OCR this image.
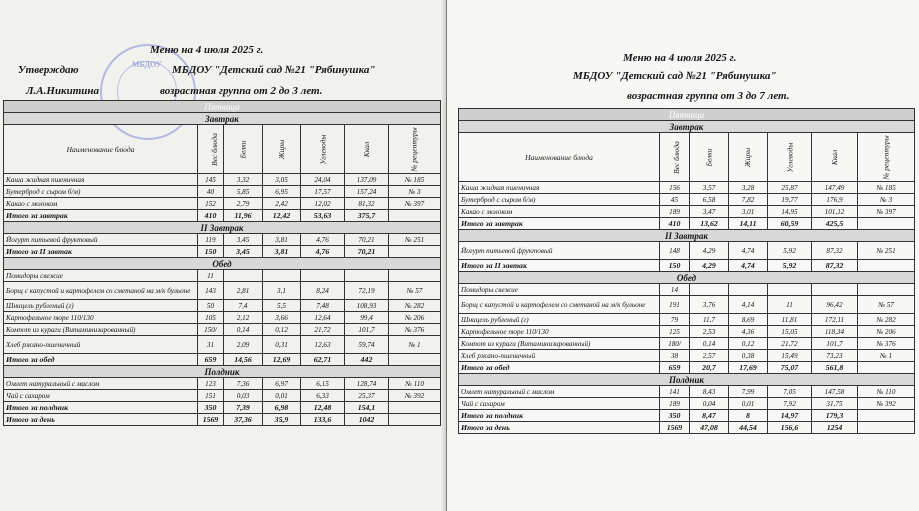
МБДОУ
Меню на 4 июля 2025 г.
Утверждаю	МБДОУ "Детский сад №21 "Рябинушка"
Л.А.Никитина	возрастная группа от 2 до 3 лет.
Пятница						
Завтрак						
Наименование блюда	Вес блюда	Белки	Жиры	Углеводы	Ккал	№ рецептуры
Каша жидкая пшеничная	145	3,32	3,05	24,04	137,09	№ 185
Бутерброд с сыром б/м)	40	5,85	6,95	17,57	157,24	№ 3
Какао с молоком	152	2,79	2,42	12,02	81,32	№ 397
Итого за завтрак	410	11,96	12,42	53,63	375,7	
II Завтрак						
Йогурт питьевой фруктовый	119	3,45	3,81	4,76	70,21	№ 251
Итого за II завтак	150	3,45	3,81	4,76	70,21	
Обед						
Помидоры свежие	11					
Борщ с капустой и картофелем со сметаной на м/к бульоне	143	2,81	3,1	8,24	72,19	№ 57
Шницель рубленый (г)	50	7,4	5,5	7,48	108,93	№ 282
Картофельное пюре 110/130	105	2,12	3,66	12,64	99,4	№ 206
Компот из кураги (Витаминизированный)	150/	0,14	0,12	21,72	101,7	№ 376
Хлеб ржано-пшеничный	31	2,09	0,31	12,63	59,74	№ 1
Итого за обед	659	14,56	12,69	62,71	442	
Полдник						
Омлет натуральный с маслом	123	7,36	6,97	6,15	128,74	№ 110
Чай с сахаром	151	0,03	0,01	6,33	25,37	№ 392
Итого за полдник	350	7,39	6,98	12,48	154,1	
Итого за день	1569	37,36	35,9	133,6	1042	
Меню на 4 июля 2025 г.
МБДОУ "Детский сад №21 "Рябинушка"
возрастная группа от 3 до 7 лет.
Пятница						
Завтрак						
Наименование блюда	Вес блюда	Белки	Жиры	Углеводы	Ккал	№ рецептуры
Каша жидкая пшеничная	156	3,57	3,28	25,87	147,49	№ 185
Бутерброд с сыром б/м)	45	6,58	7,82	19,77	176,9	№ 3
Какао с молоком	189	3,47	3,01	14,95	101,12	№ 397
Итого за завтрак	410	13,62	14,11	60,59	425,5	
II Завтрак						
Йогурт питьевой фруктовый	148	4,29	4,74	5,92	87,32	№ 251
Итого за II завтак	150	4,29	4,74	5,92	87,32	
Обед						
Помидоры свежие	14					
Борщ с капустой и картофелем со сметаной на м/к бульоне	191	3,76	4,14	11	96,42	№ 57
Шницель рубленый (г)	79	11,7	8,69	11,81	172,11	№ 282
Картофельное пюре 110/130	125	2,53	4,36	15,05	118,34	№ 206
Компот из кураги (Витаминизированный)	180/	0,14	0,12	21,72	101,7	№ 376
Хлеб ржано-пшеничный	38	2,57	0,38	15,49	73,23	№ 1
Итого за обед	659	20,7	17,69	75,07	561,8	
Полдник						
Омлет натуральный с маслом	141	8,43	7,99	7,05	147,58	№ 110
Чай с сахаром	189	0,04	0,01	7,92	31,75	№ 392
Итого за полдник	350	8,47	8	14,97	179,3	
Итого за день	1569	47,08	44,54	156,6	1254	
